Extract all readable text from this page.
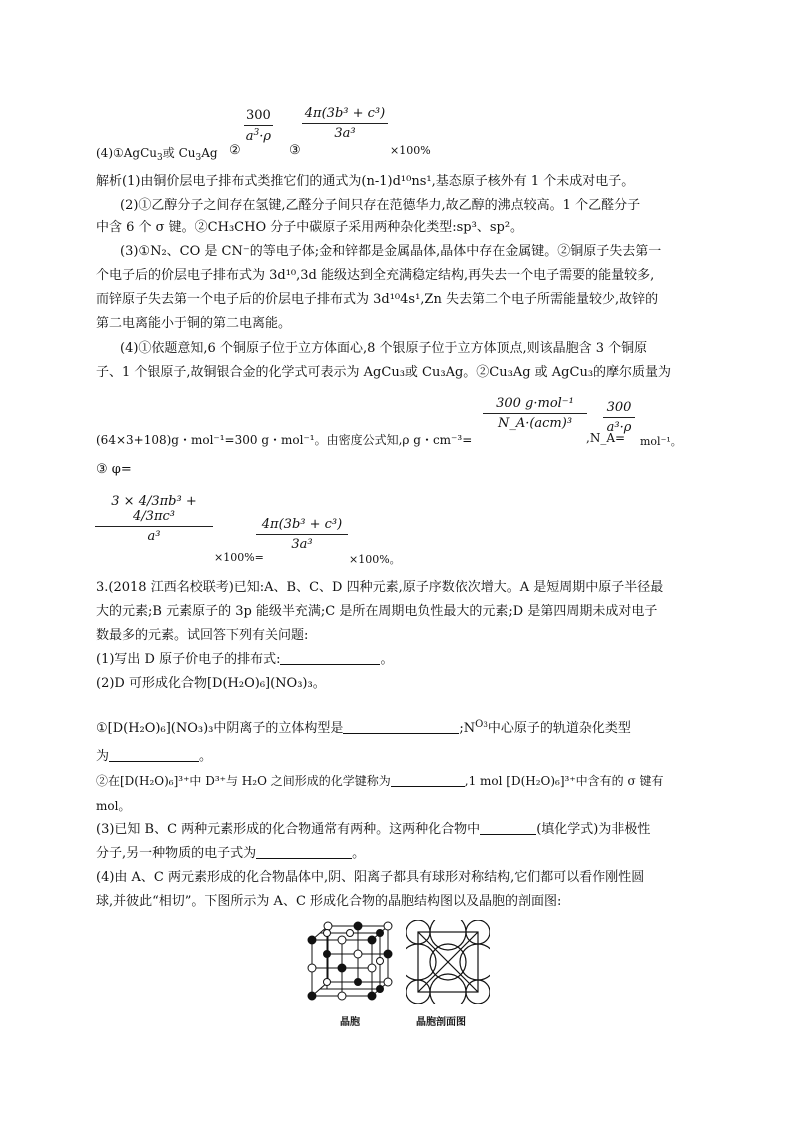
(4)①AgCu$_3$或 $Cu_3Ag$ ②
$\frac{300}{a^3\cdot\rho}$
③
$\frac{\text{4π(3b³ + c³)}}{\text{3a³}}$
×100%
解析(1)由铜价层电子排布式类推它们的通式为(n-1)d¹⁰ns¹,基态原子核外有 1 个未成对电子。
(2)①乙醇分子之间存在氢键,乙醛分子间只存在范德华力,故乙醇的沸点较高。1 个乙醛分子
中含 6 个 σ 键。②CH₃CHO 分子中碳原子采用两种杂化类型:sp³、sp²。
(3)①N₂、CO 是 CN⁻的等电子体;金和锌都是金属晶体,晶体中存在金属键。②铜原子失去第一
个电子后的价层电子排布式为 3d¹⁰,3d 能级达到全充满稳定结构,再失去一个电子需要的能量较多,
而锌原子失去第一个电子后的价层电子排布式为 3d¹⁰4s¹,Zn 失去第二个电子所需能量较少,故锌的
第二电离能小于铜的第二电离能。
(4)①依题意知,6 个铜原子位于立方体面心,8 个银原子位于立方体顶点,则该晶胞含 3 个铜原
子、1 个银原子,故铜银合金的化学式可表示为 AgCu₃或 Cu₃Ag。②Cu₃Ag 或 AgCu₃的摩尔质量为
(64×3+108)g・mol⁻¹=300 g・mol⁻¹。由密度公式知,ρ g・cm⁻³=
300 g·mol⁻¹
N_A·(acm)³
,N_A=
$\frac{300}{\text{a³·ρ}}$
mol⁻¹。
③ φ=
$\frac{\text{3 × 4/3πb³ + 4/3πc³}}{\text{a³}}$
×100%=
$\frac{\text{4π(3b³ + c³)}}{\text{3a³}}$
×100%。
3.(2018 江西名校联考)已知:A、B、C、D 四种元素,原子序数依次增大。A 是短周期中原子半径最
大的元素;B 元素原子的 3p 能级半充满;C 是所在周期电负性最大的元素;D 是第四周期未成对电子
数最多的元素。试回答下列有关问题:
(1)写出 D 原子价电子的排布式:	。
(2)D 可形成化合物[D(H₂O)₆](NO₃)₃。
①[D(H₂O)₆](NO₃)₃中阴离子的立体构型是	$;N^{O3}$中心原子的轨道杂化类型
为	。
②在[D(H₂O)₆]³⁺中 D³⁺与 H₂O 之间形成的化学键称为	,1 mol [D(H₂O)₆]³⁺中含有的 σ 键有
mol。
(3)已知 B、C 两种元素形成的化合物通常有两种。这两种化合物中	(填化学式)为非极性
分子,另一种物质的电子式为	。
(4)由 A、C 两元素形成的化合物晶体中,阴、阳离子都具有球形对称结构,它们都可以看作刚性圆
球,并彼此“相切”。下图所示为 A、C 形成化合物的晶胞结构图以及晶胞的剖面图:
晶胞	晶胞剖面图
